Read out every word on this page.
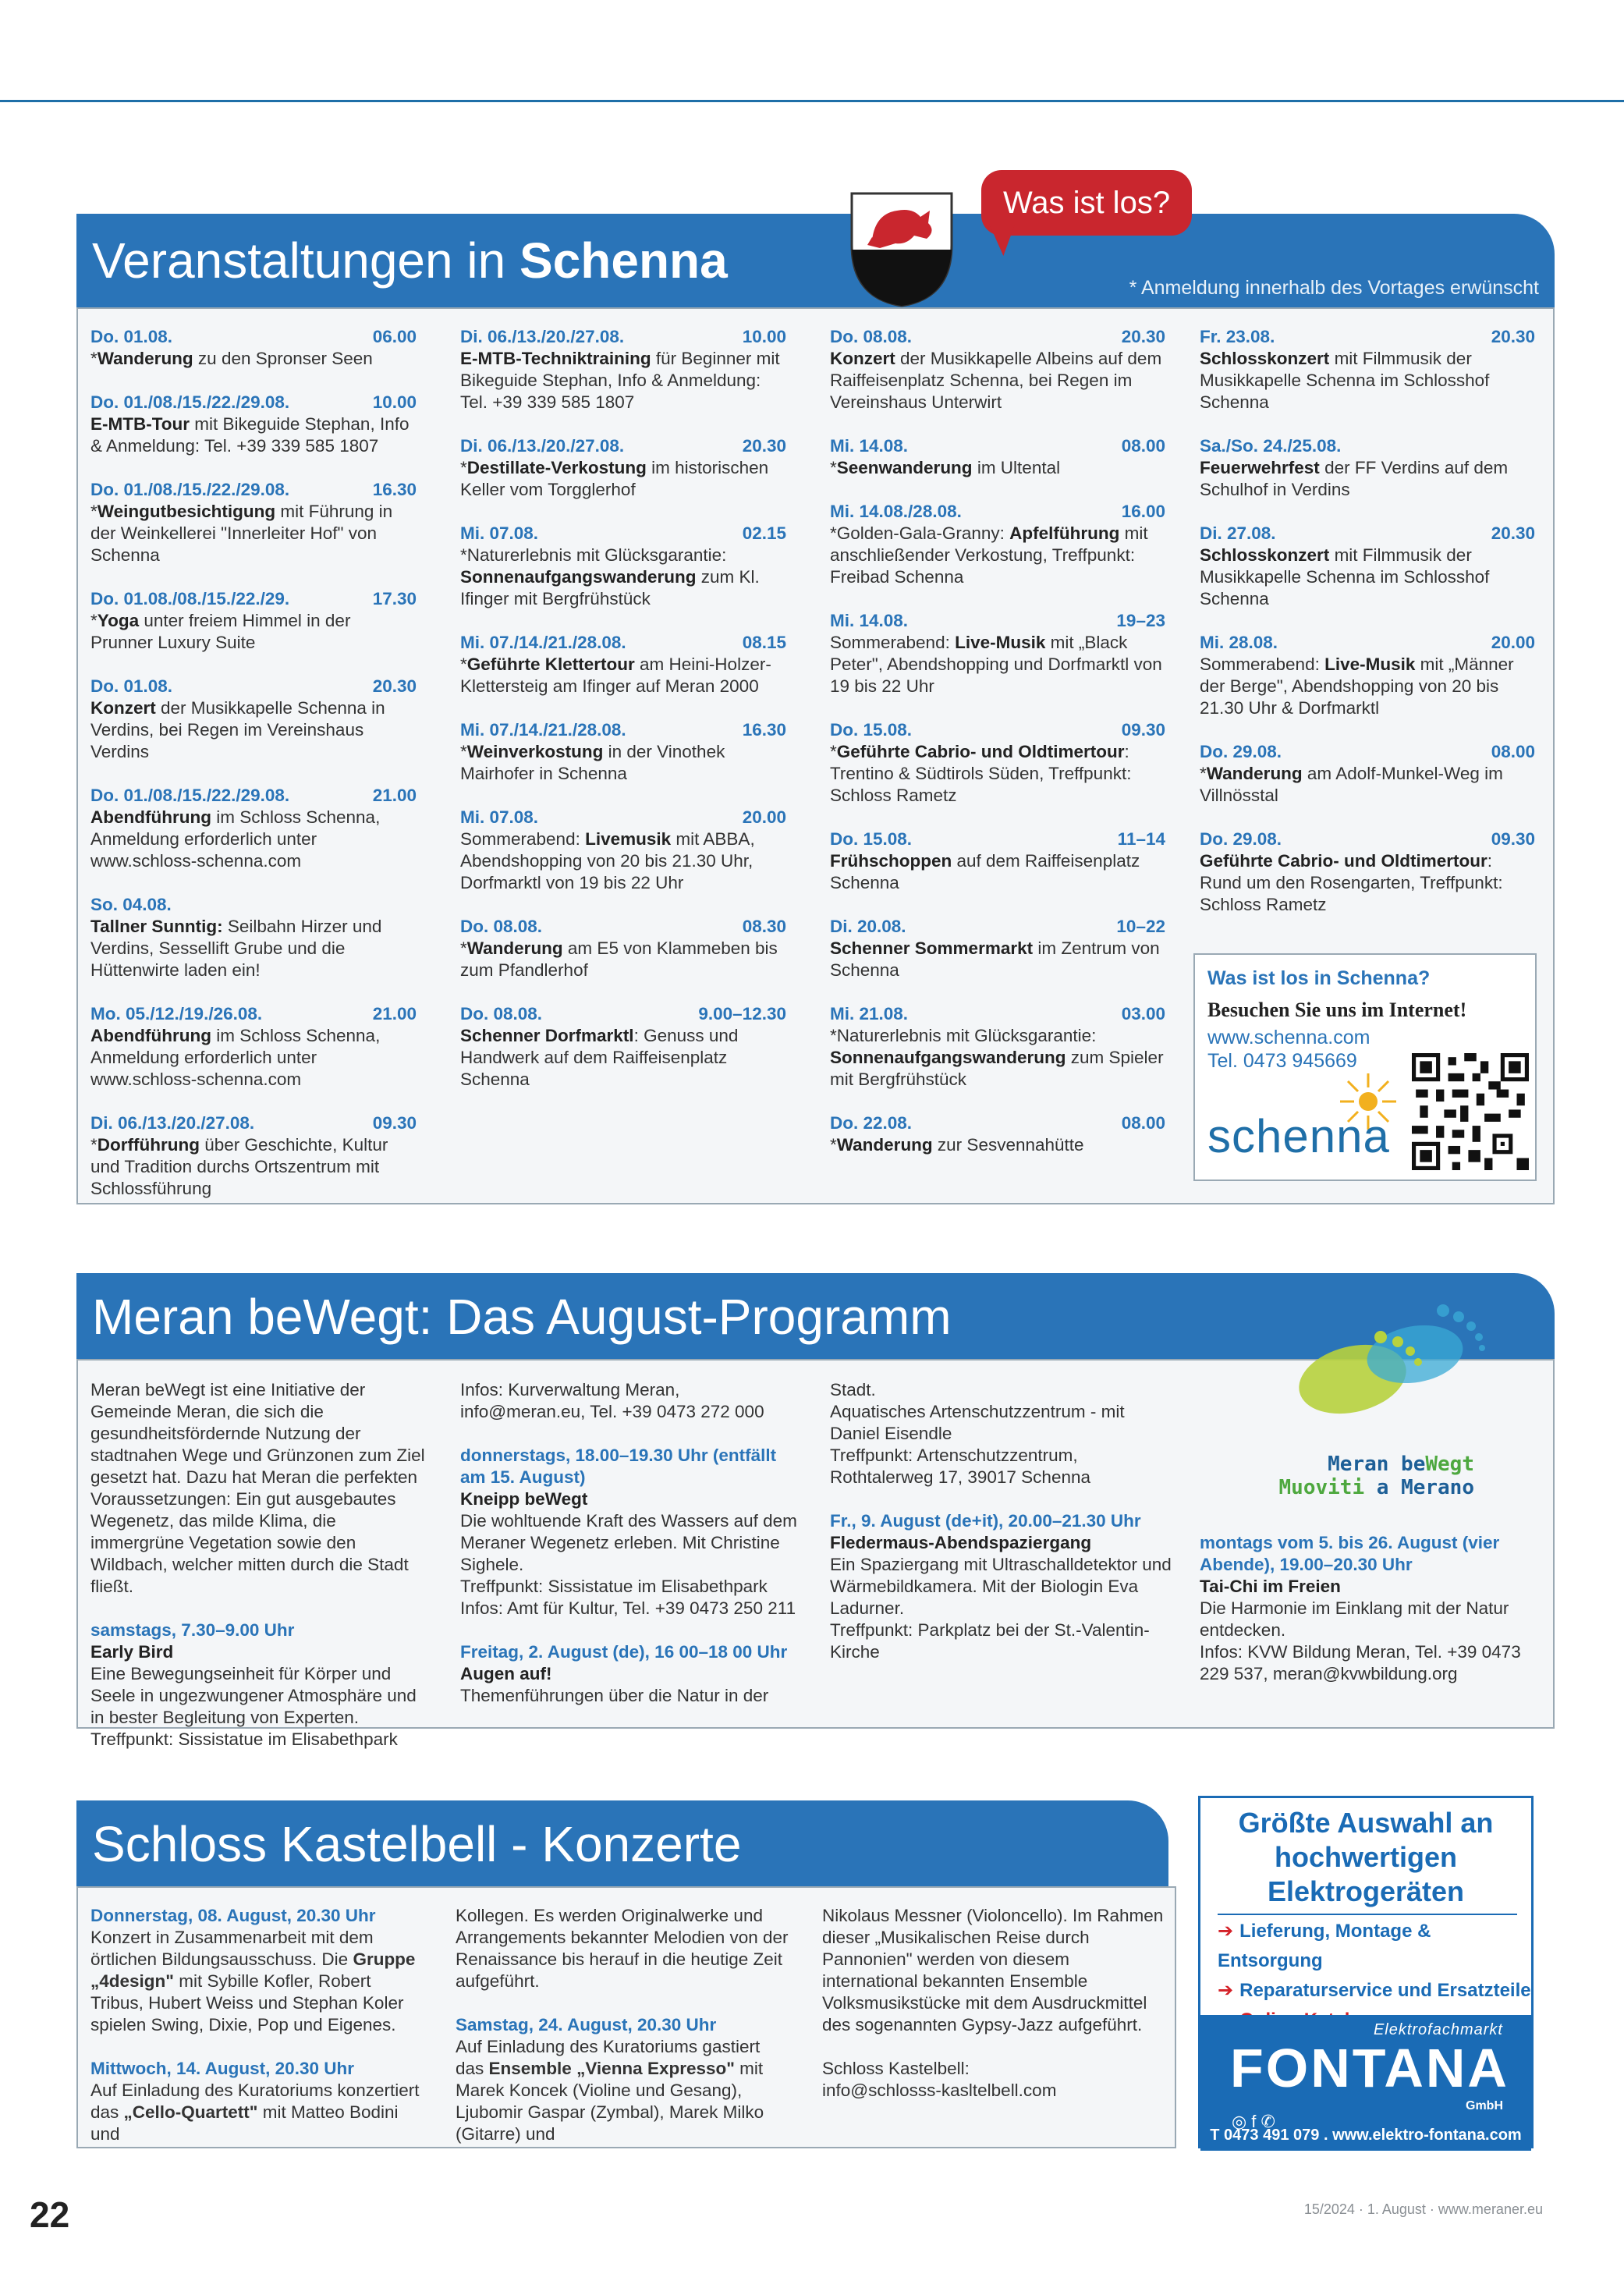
Veranstaltungen in Schenna	* Anmeldung innerhalb des Vortages erwünscht
Was ist los?
Do. 01.08.	06.00
*Wanderung zu den Spronser Seen
Do. 01./08./15./22./29.08.	10.00
E-MTB-Tour mit Bikeguide Stephan, Info & Anmeldung: Tel. +39 339 585 1807
Do. 01./08./15./22./29.08.	16.30
*Weingutbesichtigung mit Führung in der Weinkellerei "Innerleiter Hof" von Schenna
Do. 01.08./08./15./22./29.	17.30
*Yoga unter freiem Himmel in der Prunner Luxury Suite
Do. 01.08.	20.30
Konzert der Musikkapelle Schenna in Verdins, bei Regen im Vereinshaus Verdins
Do. 01./08./15./22./29.08.	21.00
Abendführung im Schloss Schenna, Anmeldung erforderlich unter www.schloss-schenna.com
So. 04.08.
Tallner Sunntig: Seilbahn Hirzer und Verdins, Sessellift Grube und die Hüttenwirte laden ein!
Mo. 05./12./19./26.08.	21.00
Abendführung im Schloss Schenna, Anmeldung erforderlich unter www.schloss-schenna.com
Di. 06./13./20./27.08.	09.30
*Dorfführung über Geschichte, Kultur und Tradition durchs Ortszentrum mit Schlossführung
Di. 06./13./20./27.08.	10.00
E-MTB-Techniktraining für Beginner mit Bikeguide Stephan, Info & Anmeldung: Tel. +39 339 585 1807
Di. 06./13./20./27.08.	20.30
*Destillate-Verkostung im historischen Keller vom Torgglerhof
Mi. 07.08.	02.15
*Naturerlebnis mit Glücksgarantie: Sonnenaufgangswanderung zum Kl. Ifinger mit Bergfrühstück
Mi. 07./14./21./28.08.	08.15
*Geführte Klettertour am Heini-Holzer-Klettersteig am Ifinger auf Meran 2000
Mi. 07./14./21./28.08.	16.30
*Weinverkostung in der Vinothek Mairhofer in Schenna
Mi. 07.08.	20.00
Sommerabend: Livemusik mit ABBA, Abendshopping von 20 bis 21.30 Uhr, Dorfmarktl von 19 bis 22 Uhr
Do. 08.08.	08.30
*Wanderung am E5 von Klammeben bis zum Pfandlerhof
Do. 08.08.	9.00–12.30
Schenner Dorfmarktl: Genuss und Handwerk auf dem Raiffeisenplatz Schenna
Do. 08.08.	20.30
Konzert der Musikkapelle Albeins auf dem Raiffeisenplatz Schenna, bei Regen im Vereinshaus Unterwirt
Mi. 14.08.	08.00
*Seenwanderung im Ultental
Mi. 14.08./28.08.	16.00
*Golden-Gala-Granny: Apfelführung mit anschließender Verkostung, Treffpunkt: Freibad Schenna
Mi. 14.08.	19–23
Sommerabend: Live-Musik mit „Black Peter", Abendshopping und Dorfmarktl von 19 bis 22 Uhr
Do. 15.08.	09.30
*Geführte Cabrio- und Oldtimertour: Trentino & Südtirols Süden, Treffpunkt: Schloss Rametz
Do. 15.08.	11–14
Frühschoppen auf dem Raiffeisenplatz Schenna
Di. 20.08.	10–22
Schenner Sommermarkt im Zentrum von Schenna
Mi. 21.08.	03.00
*Naturerlebnis mit Glücksgarantie: Sonnenaufgangswanderung zum Spieler mit Bergfrühstück
Do. 22.08.	08.00
*Wanderung zur Sesvennahütte
Fr. 23.08.	20.30
Schlosskonzert mit Filmmusik der Musikkapelle Schenna im Schlosshof Schenna
Sa./So. 24./25.08.
Feuerwehrfest der FF Verdins auf dem Schulhof in Verdins
Di. 27.08.	20.30
Schlosskonzert mit Filmmusik der Musikkapelle Schenna im Schlosshof Schenna
Mi. 28.08.	20.00
Sommerabend: Live-Musik mit „Männer der Berge", Abendshopping von 20 bis 21.30 Uhr & Dorfmarktl
Do. 29.08.	08.00
*Wanderung am Adolf-Munkel-Weg im Villnösstal
Do. 29.08.	09.30
Geführte Cabrio- und Oldtimertour: Rund um den Rosengarten, Treffpunkt: Schloss Rametz
Was ist los in Schenna?
Besuchen Sie uns im Internet!
www.schenna.com
Tel. 0473 945669
schenna
Meran beWegt: Das August-Programm
Meran beWegt ist eine Initiative der Gemeinde Meran, die sich die gesundheitsfördernde Nutzung der stadtnahen Wege und Grünzonen zum Ziel gesetzt hat. Dazu hat Meran die perfekten Voraussetzungen: Ein gut ausgebautes Wegenetz, das milde Klima, die immergrüne Vegetation sowie den Wildbach, welcher mitten durch die Stadt fließt.
samstags, 7.30–9.00 Uhr
Early Bird
Eine Bewegungseinheit für Körper und Seele in ungezwungener Atmosphäre und in bester Begleitung von Experten.
Treffpunkt: Sissistatue im Elisabethpark
Infos: Kurverwaltung Meran, info@meran.eu, Tel. +39 0473 272 000
donnerstags, 18.00–19.30 Uhr (entfällt am 15. August)
Kneipp beWegt
Die wohltuende Kraft des Wassers auf dem Meraner Wegenetz erleben. Mit Christine Sighele.
Treffpunkt: Sissistatue im Elisabethpark
Infos: Amt für Kultur, Tel. +39 0473 250 211
Freitag, 2. August (de), 16 00–18 00 Uhr
Augen auf!
Themenführungen über die Natur in der
Stadt.
Aquatisches Artenschutzzentrum - mit Daniel Eisendle
Treffpunkt: Artenschutzzentrum, Rothtalerweg 17, 39017 Schenna
Fr., 9. August (de+it), 20.00–21.30 Uhr
Fledermaus-Abendspaziergang
Ein Spaziergang mit Ultraschalldetektor und Wärmebildkamera. Mit der Biologin Eva Ladurner.
Treffpunkt: Parkplatz bei der St.-Valentin-Kirche
Meran beWegt
Muoviti a Merano
montags vom 5. bis 26. August (vier Abende), 19.00–20.30 Uhr
Tai-Chi im Freien
Die Harmonie im Einklang mit der Natur entdecken.
Infos: KVW Bildung Meran, Tel. +39 0473 229 537, meran@kvwbildung.org
Schloss Kastelbell - Konzerte
Donnerstag, 08. August, 20.30 Uhr
Konzert in Zusammenarbeit mit dem örtlichen Bildungsausschuss. Die Gruppe „4design" mit Sybille Kofler, Robert Tribus, Hubert Weiss und Stephan Koler spielen Swing, Dixie, Pop und Eigenes.
Mittwoch, 14. August, 20.30 Uhr
Auf Einladung des Kuratoriums konzertiert das „Cello-Quartett" mit Matteo Bodini und
Kollegen. Es werden Originalwerke und Arrangements bekannter Melodien von der Renaissance bis herauf in die heutige Zeit aufgeführt.
Samstag, 24. August, 20.30 Uhr
Auf Einladung des Kuratoriums gastiert das Ensemble „Vienna Expresso" mit Marek Koncek (Violine und Gesang), Ljubomir Gaspar (Zymbal), Marek Milko (Gitarre) und
Nikolaus Messner (Violoncello). Im Rahmen dieser „Musikalischen Reise durch Pannonien" werden von diesem international bekannten Ensemble Volksmusikstücke mit dem Ausdruckmittel des sogenannten Gypsy-Jazz aufgeführt.
Schloss Kastelbell:
info@schlosss-kasltelbell.com
Größte Auswahl an hochwertigen Elektrogeräten
➔ Lieferung, Montage & Entsorgung
➔ Reparaturservice und Ersatzteile
Elektrofachmarkt
FONTANA
GmbH
◎ f ✆
T 0473 491 079 . www.elektro-fontana.com
22	15/2024 · 1. August · www.meraner.eu
